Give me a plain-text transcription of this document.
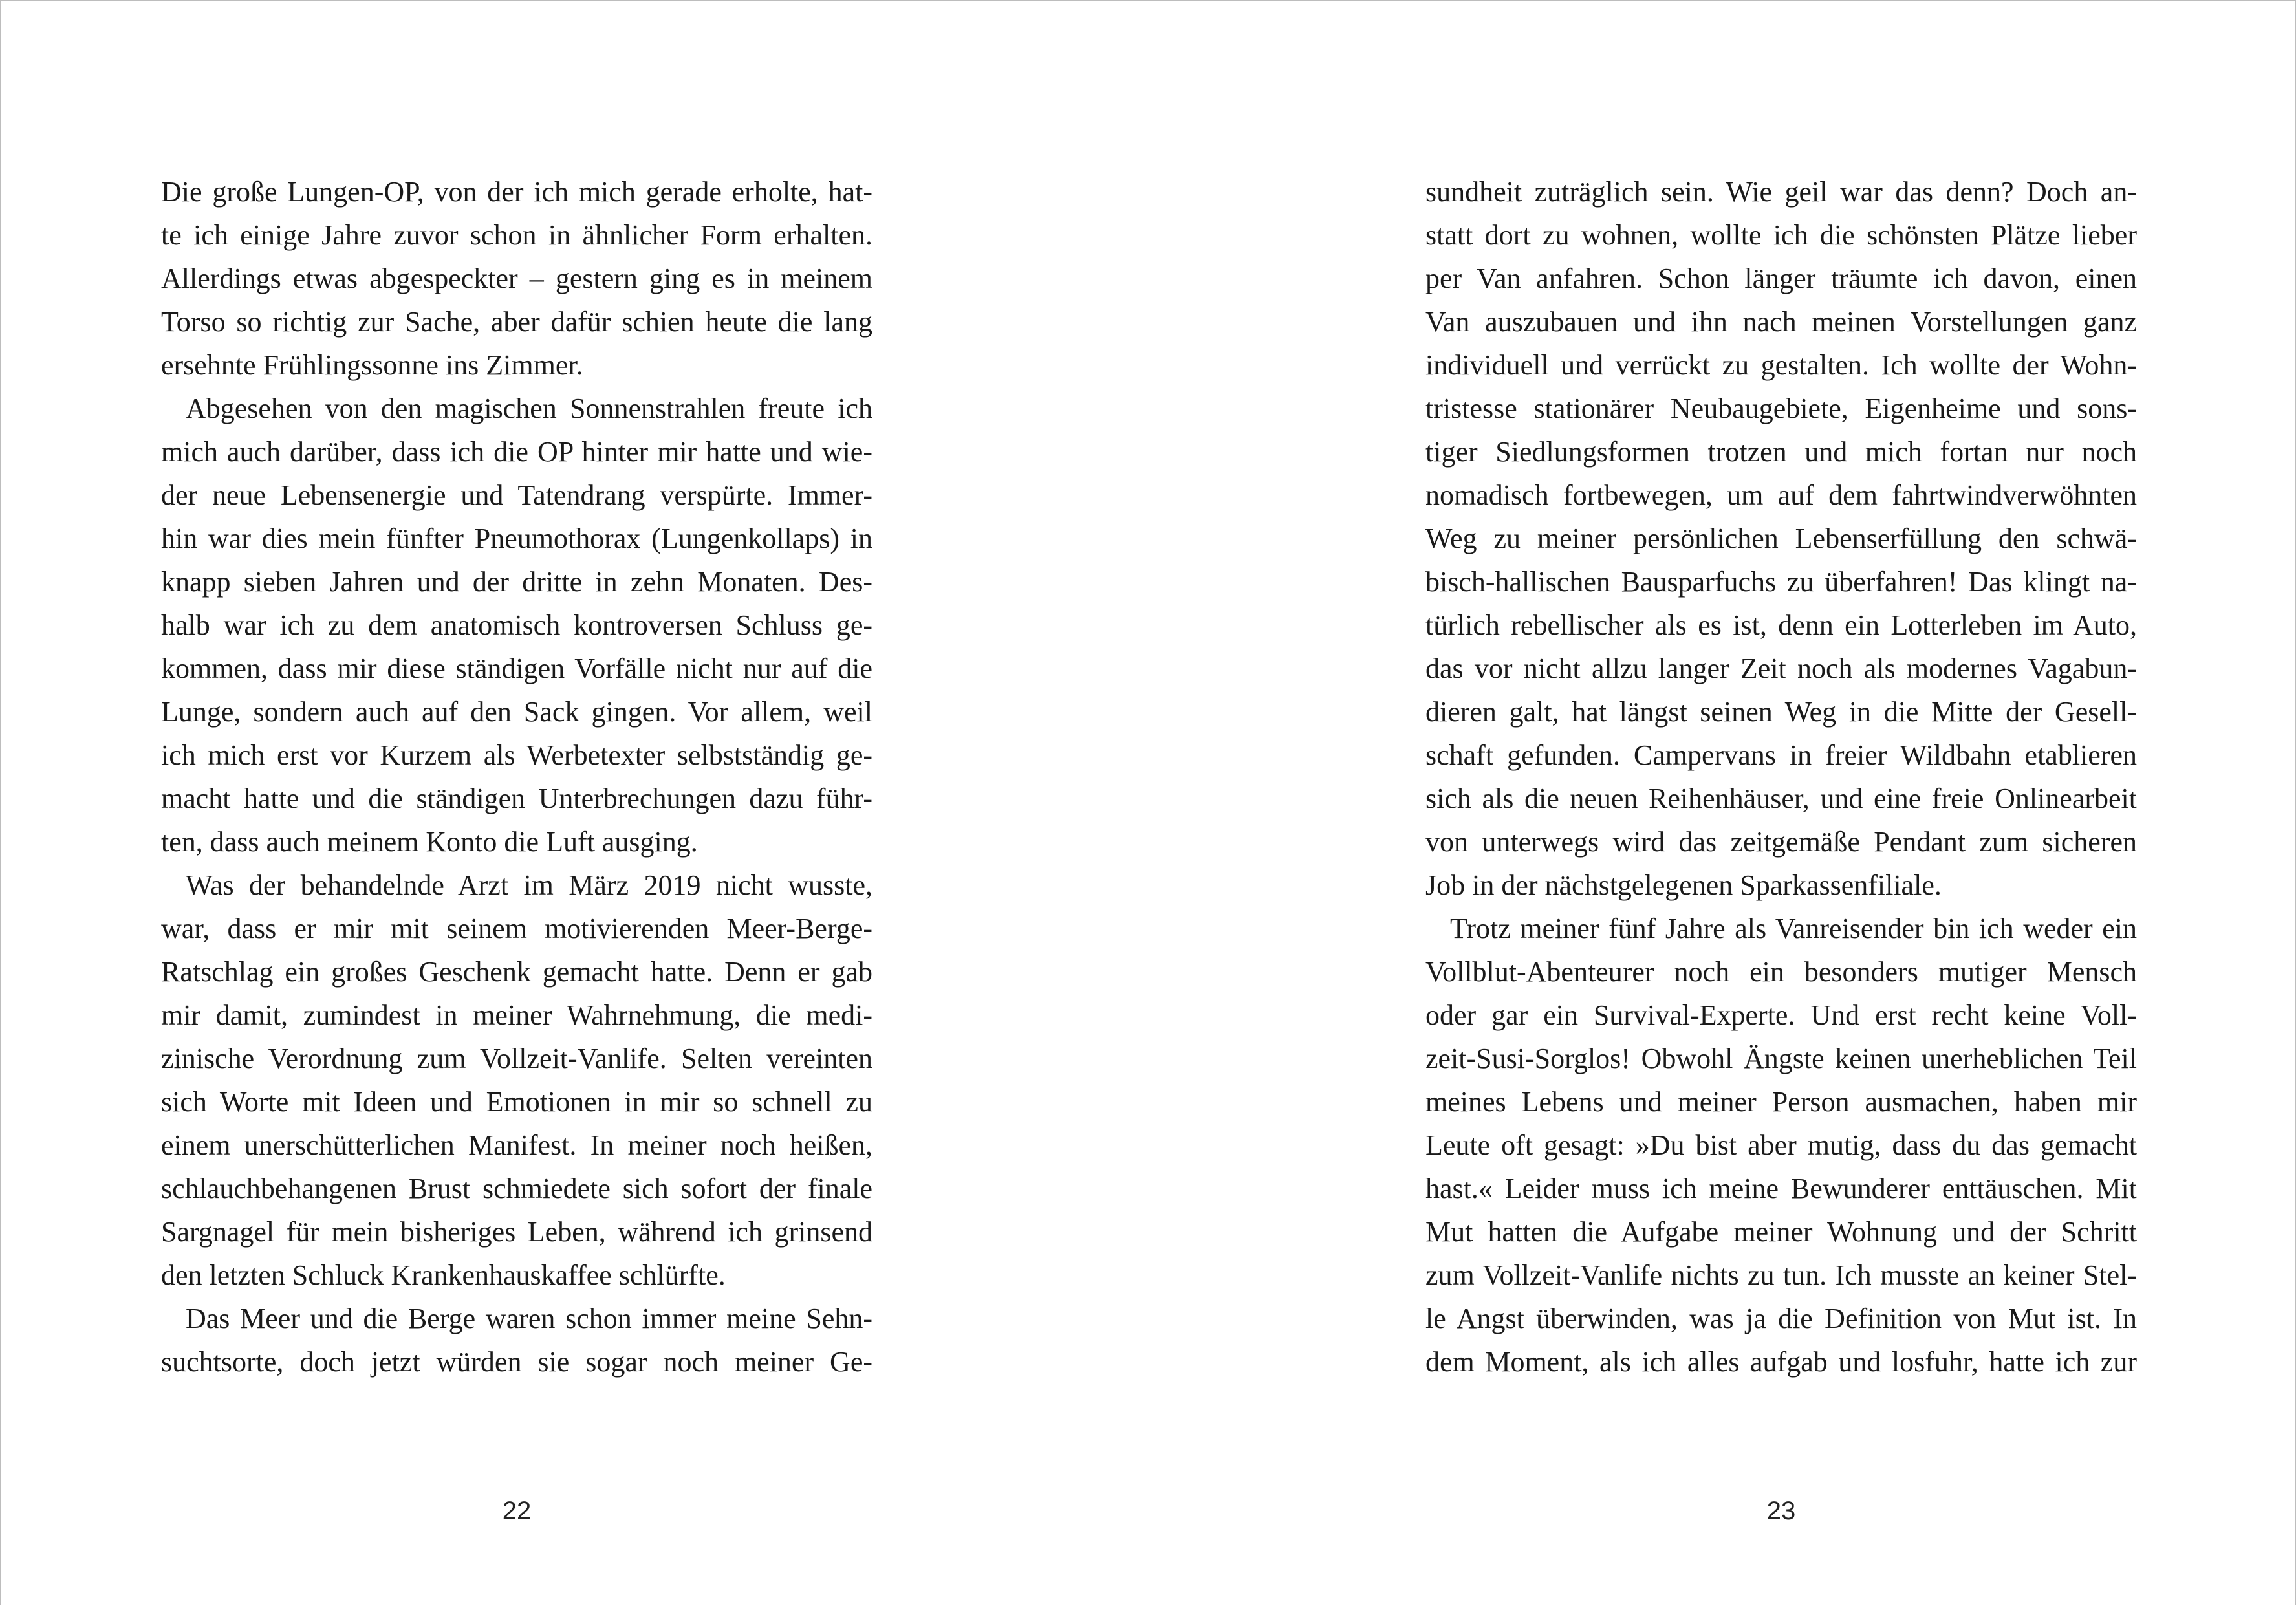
Die große Lungen-OP, von der ich mich gerade erholte, hat-
te ich einige Jahre zuvor schon in ähnlicher Form erhalten.
Allerdings etwas abgespeckter – gestern ging es in meinem
Torso so richtig zur Sache, aber dafür schien heute die lang
ersehnte Frühlingssonne ins Zimmer.
Abgesehen von den magischen Sonnenstrahlen freute ich
mich auch darüber, dass ich die OP hinter mir hatte und wie-
der neue Lebensenergie und Tatendrang verspürte. Immer-
hin war dies mein fünfter Pneumothorax (Lungenkollaps) in
knapp sieben Jahren und der dritte in zehn Monaten. Des-
halb war ich zu dem anatomisch kontroversen Schluss ge-
kommen, dass mir diese ständigen Vorfälle nicht nur auf die
Lunge, sondern auch auf den Sack gingen. Vor allem, weil
ich mich erst vor Kurzem als Werbetexter selbstständig ge-
macht hatte und die ständigen Unterbrechungen dazu führ-
ten, dass auch meinem Konto die Luft ausging.
Was der behandelnde Arzt im März 2019 nicht wusste,
war, dass er mir mit seinem motivierenden Meer-Berge-
Ratschlag ein großes Geschenk gemacht hatte. Denn er gab
mir damit, zumindest in meiner Wahrnehmung, die medi-
zinische Verordnung zum Vollzeit-Vanlife. Selten vereinten
sich Worte mit Ideen und Emotionen in mir so schnell zu
einem unerschütterlichen Manifest. In meiner noch heißen,
schlauchbehangenen Brust schmiedete sich sofort der finale
Sargnagel für mein bisheriges Leben, während ich grinsend
den letzten Schluck Krankenhauskaffee schlürfte.
Das Meer und die Berge waren schon immer meine Sehn-
suchtsorte, doch jetzt würden sie sogar noch meiner Ge-
22
sundheit zuträglich sein. Wie geil war das denn? Doch an-
statt dort zu wohnen, wollte ich die schönsten Plätze lieber
per Van anfahren. Schon länger träumte ich davon, einen
Van auszubauen und ihn nach meinen Vorstellungen ganz
individuell und verrückt zu gestalten. Ich wollte der Wohn-
tristesse stationärer Neubaugebiete, Eigenheime und sons-
tiger Siedlungsformen trotzen und mich fortan nur noch
nomadisch fortbewegen, um auf dem fahrtwindverwöhnten
Weg zu meiner persönlichen Lebenserfüllung den schwä-
bisch-hallischen Bausparfuchs zu überfahren! Das klingt na-
türlich rebellischer als es ist, denn ein Lotterleben im Auto,
das vor nicht allzu langer Zeit noch als modernes Vagabun-
dieren galt, hat längst seinen Weg in die Mitte der Gesell-
schaft gefunden. Campervans in freier Wildbahn etablieren
sich als die neuen Reihenhäuser, und eine freie Onlinearbeit
von unterwegs wird das zeitgemäße Pendant zum sicheren
Job in der nächstgelegenen Sparkassenfiliale.
Trotz meiner fünf Jahre als Vanreisender bin ich weder ein
Vollblut-Abenteurer noch ein besonders mutiger Mensch
oder gar ein Survival-Experte. Und erst recht keine Voll-
zeit-Susi-Sorglos! Obwohl Ängste keinen unerheblichen Teil
meines Lebens und meiner Person ausmachen, haben mir
Leute oft gesagt: »Du bist aber mutig, dass du das gemacht
hast.« Leider muss ich meine Bewunderer enttäuschen. Mit
Mut hatten die Aufgabe meiner Wohnung und der Schritt
zum Vollzeit-Vanlife nichts zu tun. Ich musste an keiner Stel-
le Angst überwinden, was ja die Definition von Mut ist. In
dem Moment, als ich alles aufgab und losfuhr, hatte ich zur
23
